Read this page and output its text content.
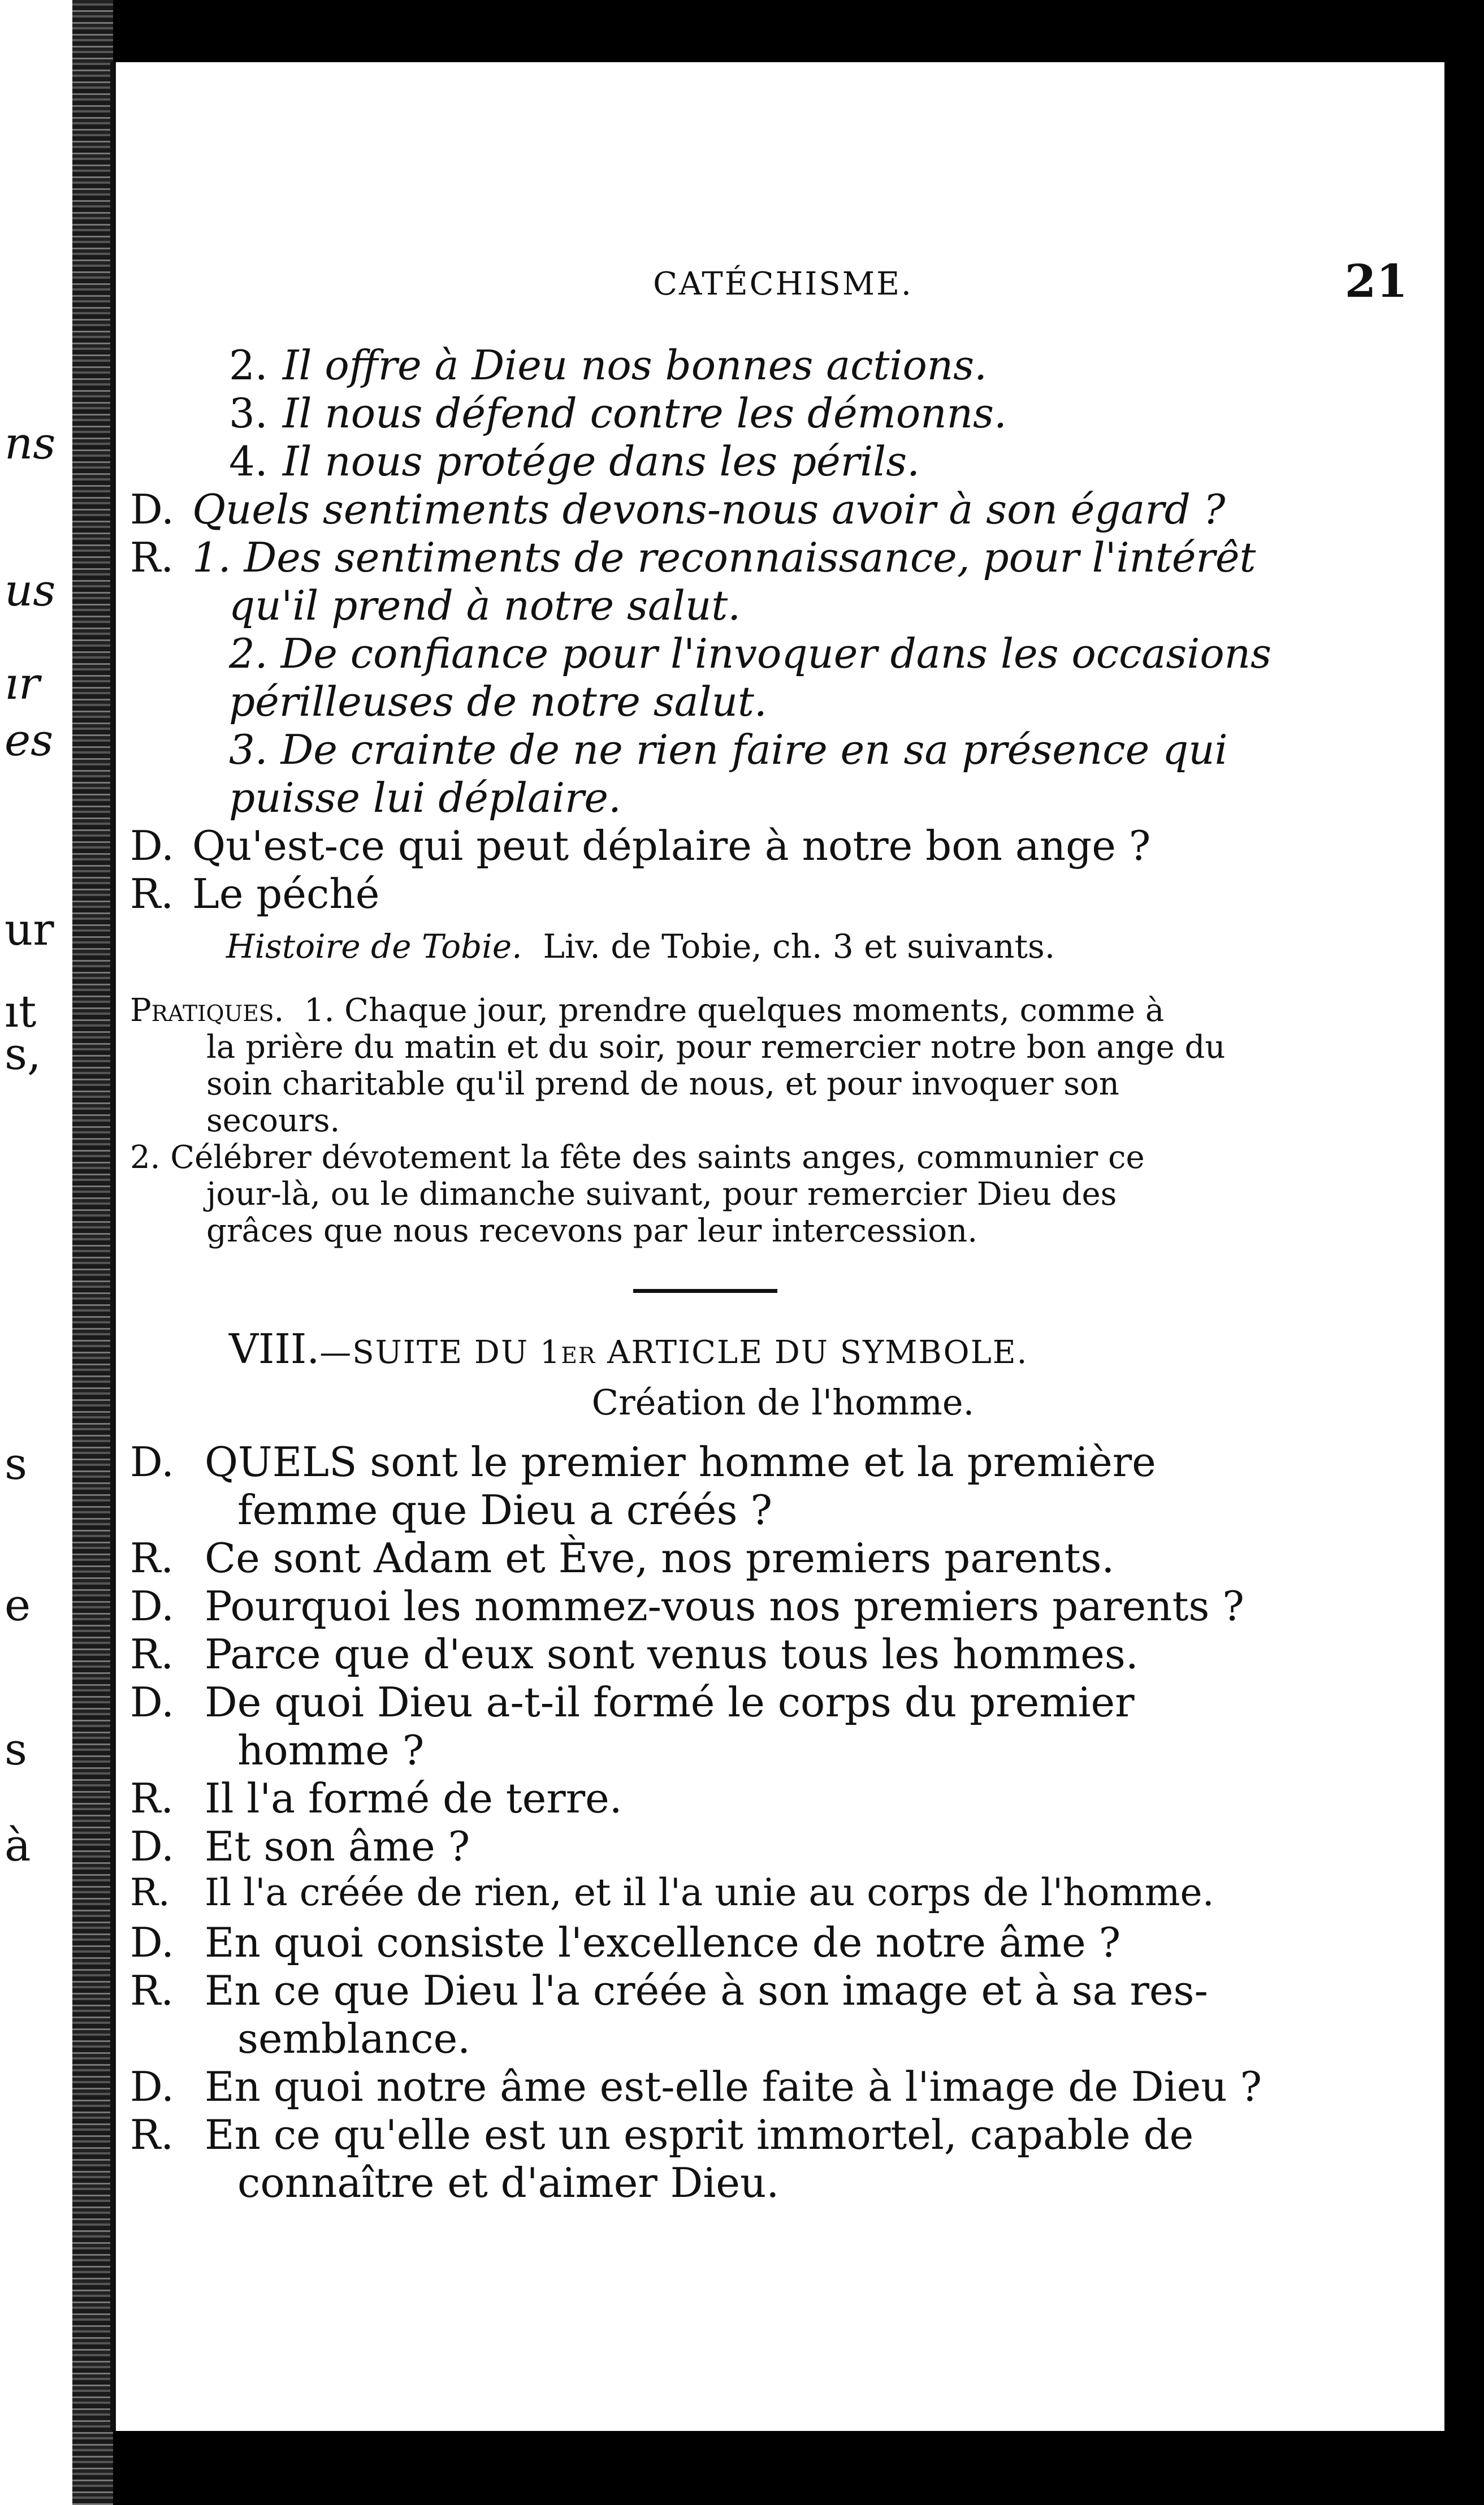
ns
us
ır
es
ur
ıt
s,
s
e
s
à
CATÉCHISME.	21
2. Il offre à Dieu nos bonnes actions.
3. Il nous défend contre les démonns.
4. Il nous protége dans les périls.
D. Quels sentiments devons-nous avoir à son égard ?
R. 1. Des sentiments de reconnaissance, pour l'intérêt
qu'il prend à notre salut.
2. De confiance pour l'invoquer dans les occasions
périlleuses de notre salut.
3. De crainte de ne rien faire en sa présence qui
puisse lui déplaire.
D. Qu'est-ce qui peut déplaire à notre bon ange ?
R. Le péché
Histoire de Tobie. Liv. de Tobie, ch. 3 et suivants.
Pratiques. 1. Chaque jour, prendre quelques moments, comme à
la prière du matin et du soir, pour remercier notre bon ange du
soin charitable qu'il prend de nous, et pour invoquer son
secours.
2. Célébrer dévotement la fête des saints anges, communier ce
jour-là, ou le dimanche suivant, pour remercier Dieu des
grâces que nous recevons par leur intercession.
VIII.—SUITE DU 1er ARTICLE DU SYMBOLE.
Création de l'homme.
D. QUELS sont le premier homme et la première
femme que Dieu a créés ?
R. Ce sont Adam et Ève, nos premiers parents.
D. Pourquoi les nommez-vous nos premiers parents ?
R. Parce que d'eux sont venus tous les hommes.
D. De quoi Dieu a-t-il formé le corps du premier
homme ?
R. Il l'a formé de terre.
D. Et son âme ?
R. Il l'a créée de rien, et il l'a unie au corps de l'homme.
D. En quoi consiste l'excellence de notre âme ?
R. En ce que Dieu l'a créée à son image et à sa res-
semblance.
D. En quoi notre âme est-elle faite à l'image de Dieu ?
R. En ce qu'elle est un esprit immortel, capable de
connaître et d'aimer Dieu.
